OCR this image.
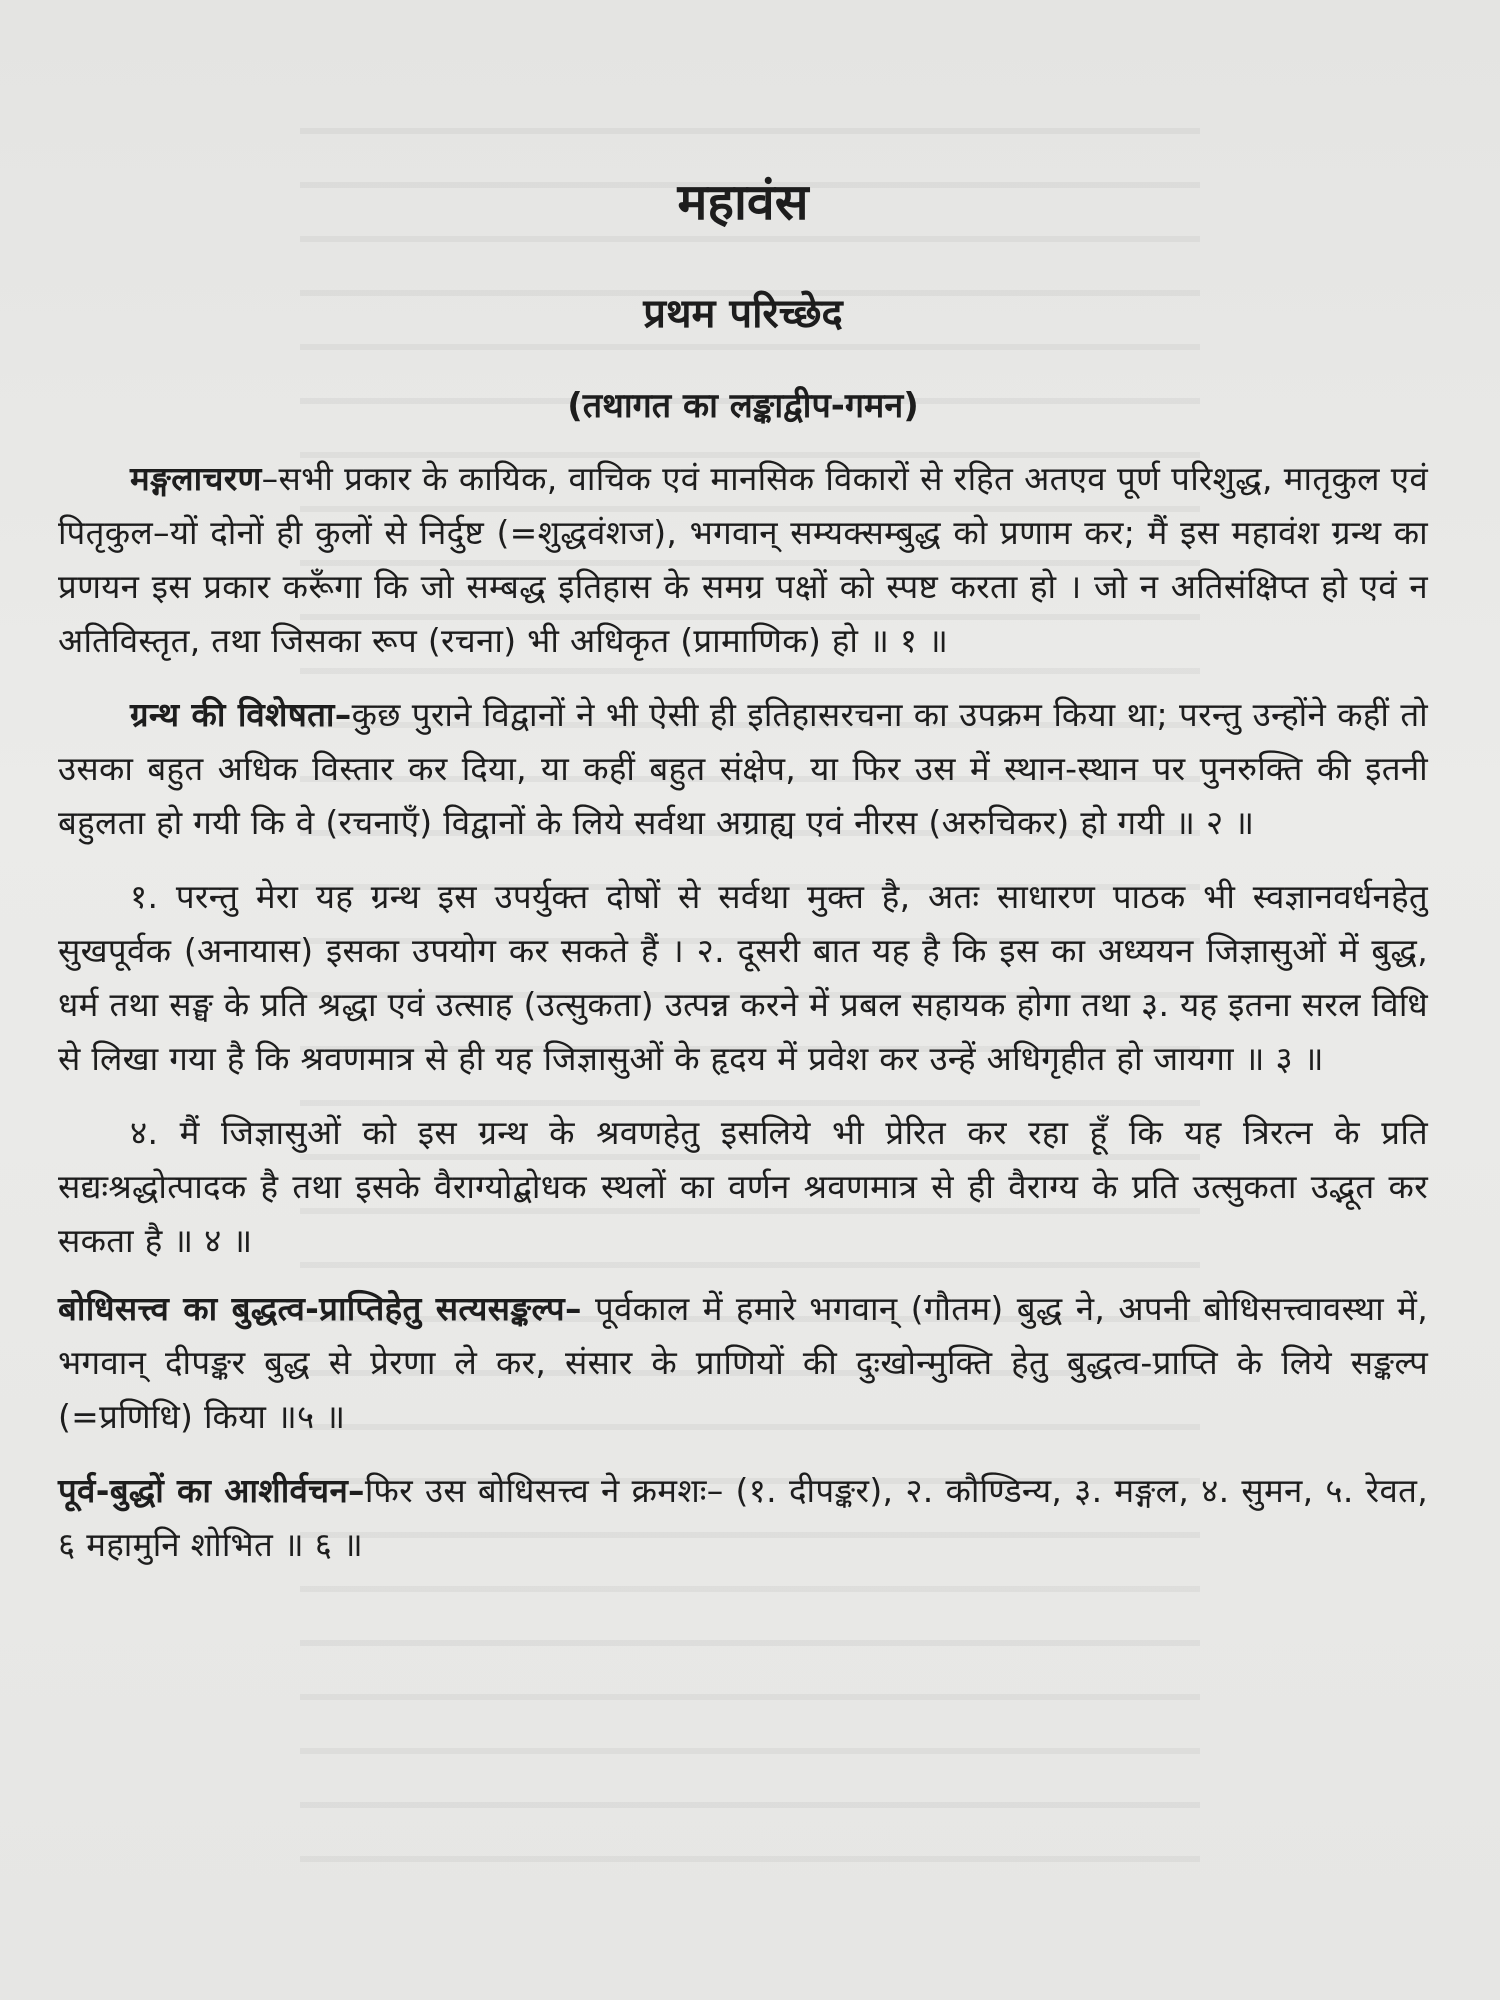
महावंस
प्रथम परिच्छेद
(तथागत का लङ्काद्वीप-गमन)

मङ्गलाचरण–सभी प्रकार के कायिक, वाचिक एवं मानसिक विकारों से रहित अतएव पूर्ण परिशुद्ध, मातृकुल एवं पितृकुल–यों दोनों ही कुलों से निर्दुष्ट (=शुद्धवंशज), भगवान् सम्यक्सम्बुद्ध को प्रणाम कर; मैं इस महावंश ग्रन्थ का प्रणयन इस प्रकार करूँगा कि जो सम्बद्ध इतिहास के समग्र पक्षों को स्पष्ट करता हो । जो न अतिसंक्षिप्त हो एवं न अतिविस्तृत, तथा जिसका रूप (रचना) भी अधिकृत (प्रामाणिक) हो ॥ १ ॥

ग्रन्थ की विशेषता–कुछ पुराने विद्वानों ने भी ऐसी ही इतिहासरचना का उपक्रम किया था; परन्तु उन्होंने कहीं तो उसका बहुत अधिक विस्तार कर दिया, या कहीं बहुत संक्षेप, या फिर उस में स्थान-स्थान पर पुनरुक्ति की इतनी बहुलता हो गयी कि वे (रचनाएँ) विद्वानों के लिये सर्वथा अग्राह्य एवं नीरस (अरुचिकर) हो गयी ॥ २ ॥

१. परन्तु मेरा यह ग्रन्थ इस उपर्युक्त दोषों से सर्वथा मुक्त है, अतः साधारण पाठक भी स्वज्ञानवर्धनहेतु सुखपूर्वक (अनायास) इसका उपयोग कर सकते हैं । २. दूसरी बात यह है कि इस का अध्ययन जिज्ञासुओं में बुद्ध, धर्म तथा सङ्घ के प्रति श्रद्धा एवं उत्साह (उत्सुकता) उत्पन्न करने में प्रबल सहायक होगा तथा ३. यह इतना सरल विधि से लिखा गया है कि श्रवणमात्र से ही यह जिज्ञासुओं के हृदय में प्रवेश कर उन्हें अधिगृहीत हो जायगा ॥ ३ ॥

४. मैं जिज्ञासुओं को इस ग्रन्थ के श्रवणहेतु इसलिये भी प्रेरित कर रहा हूँ कि यह त्रिरत्न के प्रति सद्यःश्रद्धोत्पादक है तथा इसके वैराग्योद्बोधक स्थलों का वर्णन श्रवणमात्र से ही वैराग्य के प्रति उत्सुकता उद्भूत कर सकता है ॥ ४ ॥

बोधिसत्त्व का बुद्धत्व-प्राप्तिहेतु सत्यसङ्कल्प– पूर्वकाल में हमारे भगवान् (गौतम) बुद्ध ने, अपनी बोधिसत्त्वावस्था में, भगवान् दीपङ्कर बुद्ध से प्रेरणा ले कर, संसार के प्राणियों की दुःखोन्मुक्ति हेतु बुद्धत्व-प्राप्ति के लिये सङ्कल्प (=प्रणिधि) किया ॥५ ॥

पूर्व-बुद्धों का आशीर्वचन–फिर उस बोधिसत्त्व ने क्रमशः– (१. दीपङ्कर), २. कौण्डिन्य, ३. मङ्गल, ४. सुमन, ५. रेवत, ६ महामुनि शोभित ॥ ६ ॥
